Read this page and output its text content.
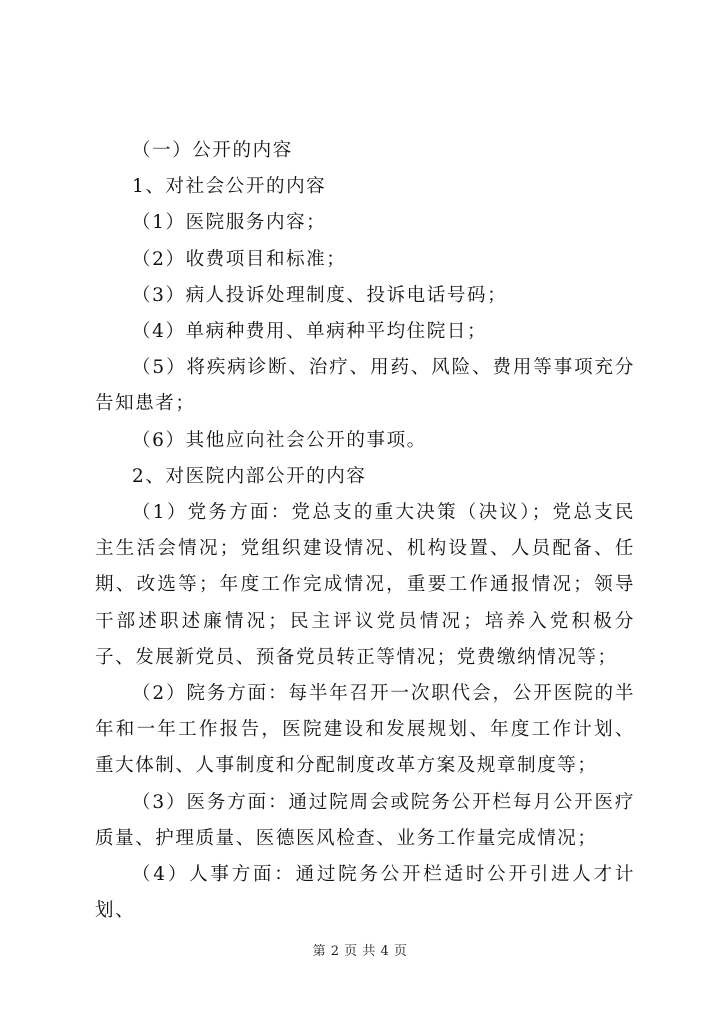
（一）公开的内容

1、对社会公开的内容

（1）医院服务内容；

（2）收费项目和标准；

（3）病人投诉处理制度、投诉电话号码；

（4）单病种费用、单病种平均住院日；

（5）将疾病诊断、治疗、用药、风险、费用等事项充分告知患者；

（6）其他应向社会公开的事项。

2、对医院内部公开的内容

（1）党务方面：党总支的重大决策（决议）；党总支民主生活会情况；党组织建设情况、机构设置、人员配备、任期、改选等；年度工作完成情况，重要工作通报情况；领导干部述职述廉情况；民主评议党员情况；培养入党积极分子、发展新党员、预备党员转正等情况；党费缴纳情况等；

（2）院务方面：每半年召开一次职代会，公开医院的半年和一年工作报告，医院建设和发展规划、年度工作计划、重大体制、人事制度和分配制度改革方案及规章制度等；

（3）医务方面：通过院周会或院务公开栏每月公开医疗质量、护理质量、医德医风检查、业务工作量完成情况；

（4）人事方面：通过院务公开栏适时公开引进人才计划、

第 2 页 共 4 页
